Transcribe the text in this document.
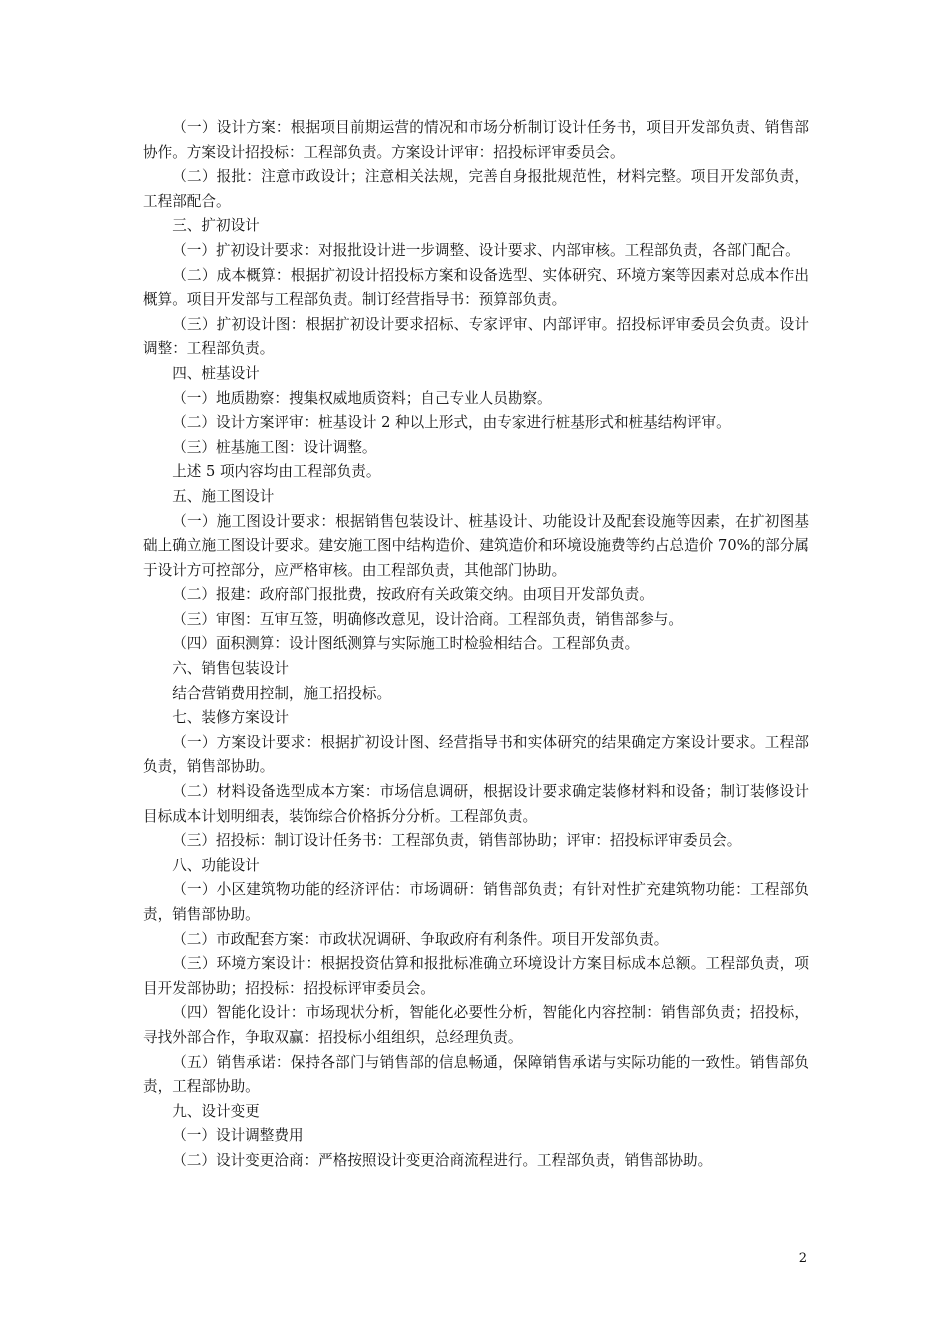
（一）设计方案：根据项目前期运营的情况和市场分析制订设计任务书，项目开发部负责、销售部协作。方案设计招投标：工程部负责。方案设计评审：招投标评审委员会。

（二）报批：注意市政设计；注意相关法规，完善自身报批规范性，材料完整。项目开发部负责，工程部配合。

三、扩初设计

（一）扩初设计要求：对报批设计进一步调整、设计要求、内部审核。工程部负责，各部门配合。

（二）成本概算：根据扩初设计招投标方案和设备选型、实体研究、环境方案等因素对总成本作出概算。项目开发部与工程部负责。制订经营指导书：预算部负责。

（三）扩初设计图：根据扩初设计要求招标、专家评审、内部评审。招投标评审委员会负责。设计调整：工程部负责。

四、桩基设计

（一）地质勘察：搜集权威地质资料；自己专业人员勘察。

（二）设计方案评审：桩基设计 2 种以上形式，由专家进行桩基形式和桩基结构评审。

（三）桩基施工图：设计调整。

上述 5 项内容均由工程部负责。

五、施工图设计

（一）施工图设计要求：根据销售包装设计、桩基设计、功能设计及配套设施等因素，在扩初图基础上确立施工图设计要求。建安施工图中结构造价、建筑造价和环境设施费等约占总造价 70%的部分属于设计方可控部分，应严格审核。由工程部负责，其他部门协助。

（二）报建：政府部门报批费，按政府有关政策交纳。由项目开发部负责。

（三）审图：互审互签，明确修改意见，设计洽商。工程部负责，销售部参与。

（四）面积测算：设计图纸测算与实际施工时检验相结合。工程部负责。

六、销售包装设计

结合营销费用控制，施工招投标。

七、装修方案设计

（一）方案设计要求：根据扩初设计图、经营指导书和实体研究的结果确定方案设计要求。工程部负责，销售部协助。

（二）材料设备选型成本方案：市场信息调研，根据设计要求确定装修材料和设备；制订装修设计目标成本计划明细表，装饰综合价格拆分分析。工程部负责。

（三）招投标：制订设计任务书：工程部负责，销售部协助；评审：招投标评审委员会。

八、功能设计

（一）小区建筑物功能的经济评估：市场调研：销售部负责；有针对性扩充建筑物功能：工程部负责，销售部协助。

（二）市政配套方案：市政状况调研、争取政府有利条件。项目开发部负责。

（三）环境方案设计：根据投资估算和报批标准确立环境设计方案目标成本总额。工程部负责，项目开发部协助；招投标：招投标评审委员会。

（四）智能化设计：市场现状分析，智能化必要性分析，智能化内容控制：销售部负责；招投标，寻找外部合作，争取双赢：招投标小组组织，总经理负责。

（五）销售承诺：保持各部门与销售部的信息畅通，保障销售承诺与实际功能的一致性。销售部负责，工程部协助。

九、设计变更

（一）设计调整费用

（二）设计变更洽商：严格按照设计变更洽商流程进行。工程部负责，销售部协助。

2
